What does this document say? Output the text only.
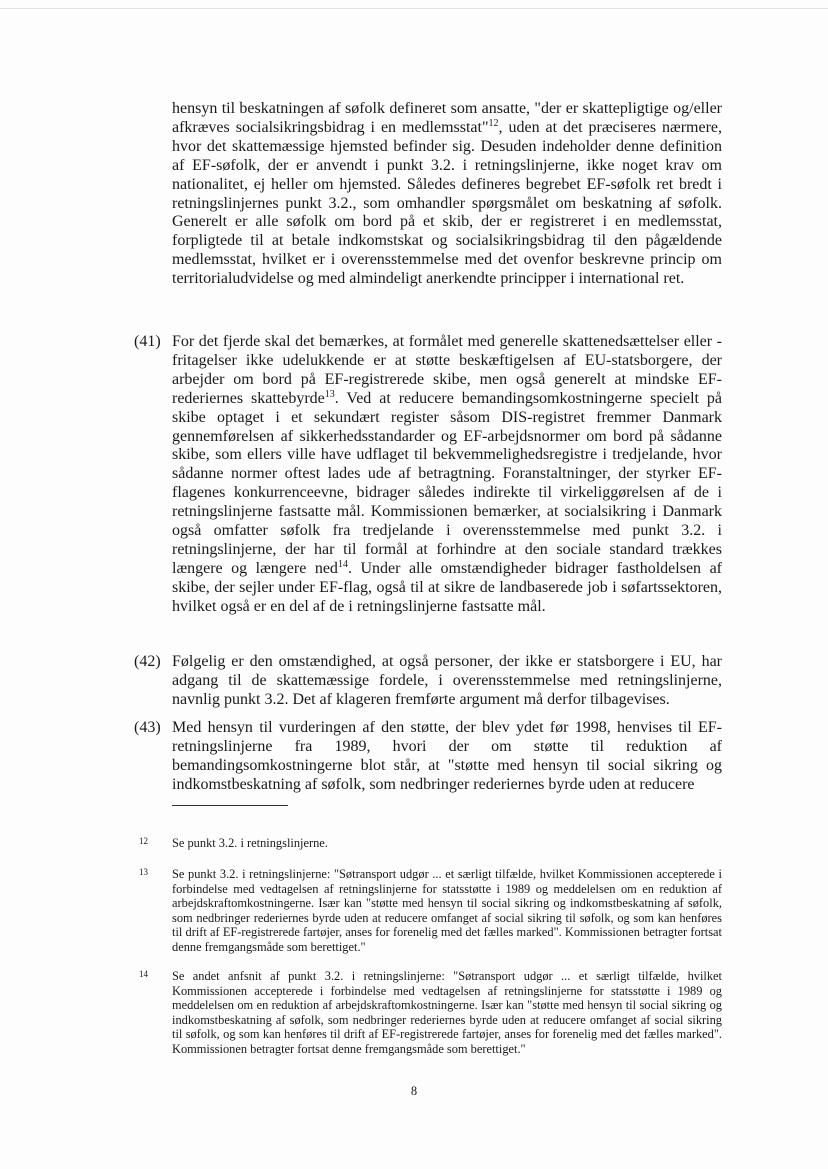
hensyn til beskatningen af søfolk defineret som ansatte, "der er skattepligtige og/eller afkræves socialsikringsbidrag i en medlemsstat"$^{12}$, uden at det præciseres nærmere, hvor det skattemæssige hjemsted befinder sig. Desuden indeholder denne definition af EF-søfolk, der er anvendt i punkt 3.2. i retningslinjerne, ikke noget krav om nationalitet, ej heller om hjemsted. Således defineres begrebet EF-søfolk ret bredt i retningslinjernes punkt 3.2., som omhandler spørgsmålet om beskatning af søfolk. Generelt er alle søfolk om bord på et skib, der er registreret i en medlemsstat, forpligtede til at betale indkomstskat og socialsikringsbidrag til den pågældende medlemsstat, hvilket er i overensstemmelse med det ovenfor beskrevne princip om territorialudvidelse og med almindeligt anerkendte principper i international ret.
(41) For det fjerde skal det bemærkes, at formålet med generelle skattenedsættelser eller -fritagelser ikke udelukkende er at støtte beskæftigelsen af EU-statsborgere, der arbejder om bord på EF-registrerede skibe, men også generelt at mindske EF-rederiernes skattebyrde$^{13}$. Ved at reducere bemandingsomkostningerne specielt på skibe optaget i et sekundært register såsom DIS-registret fremmer Danmark gennemførelsen af sikkerhedsstandarder og EF-arbejdsnormer om bord på sådanne skibe, som ellers ville have udflaget til bekvemmelighedsregistre i tredjelande, hvor sådanne normer oftest lades ude af betragtning. Foranstaltninger, der styrker EF-flagenes konkurrenceevne, bidrager således indirekte til virkeliggørelsen af de i retningslinjerne fastsatte mål. Kommissionen bemærker, at socialsikring i Danmark også omfatter søfolk fra tredjelande i overensstemmelse med punkt 3.2. i retningslinjerne, der har til formål at forhindre at den sociale standard trækkes længere og længere ned$^{14}$. Under alle omstændigheder bidrager fastholdelsen af skibe, der sejler under EF-flag, også til at sikre de landbaserede job i søfartssektoren, hvilket også er en del af de i retningslinjerne fastsatte mål.
(42) Følgelig er den omstændighed, at også personer, der ikke er statsborgere i EU, har adgang til de skattemæssige fordele, i overensstemmelse med retningslinjerne, navnlig punkt 3.2. Det af klageren fremførte argument må derfor tilbagevises.
(43) Med hensyn til vurderingen af den støtte, der blev ydet før 1998, henvises til EF-retningslinjerne fra 1989, hvori der om støtte til reduktion af bemandingsomkostningerne blot står, at "støtte med hensyn til social sikring og indkomstbeskatning af søfolk, som nedbringer rederiernes byrde uden at reducere
12 Se punkt 3.2. i retningslinjerne.
13 Se punkt 3.2. i retningslinjerne: "Søtransport udgør ... et særligt tilfælde, hvilket Kommissionen accepterede i forbindelse med vedtagelsen af retningslinjerne for statsstøtte i 1989 og meddelelsen om en reduktion af arbejdskraftomkostningerne. Især kan "støtte med hensyn til social sikring og indkomstbeskatning af søfolk, som nedbringer rederiernes byrde uden at reducere omfanget af social sikring til søfolk, og som kan henføres til drift af EF-registrerede fartøjer, anses for forenelig med det fælles marked". Kommissionen betragter fortsat denne fremgangsmåde som berettiget."
14 Se andet anfsnit af punkt 3.2. i retningslinjerne: "Søtransport udgør ... et særligt tilfælde, hvilket Kommissionen accepterede i forbindelse med vedtagelsen af retningslinjerne for statsstøtte i 1989 og meddelelsen om en reduktion af arbejdskraftomkostningerne. Især kan "støtte med hensyn til social sikring og indkomstbeskatning af søfolk, som nedbringer rederiernes byrde uden at reducere omfanget af social sikring til søfolk, og som kan henføres til drift af EF-registrerede fartøjer, anses for forenelig med det fælles marked". Kommissionen betragter fortsat denne fremgangsmåde som berettiget."
8
